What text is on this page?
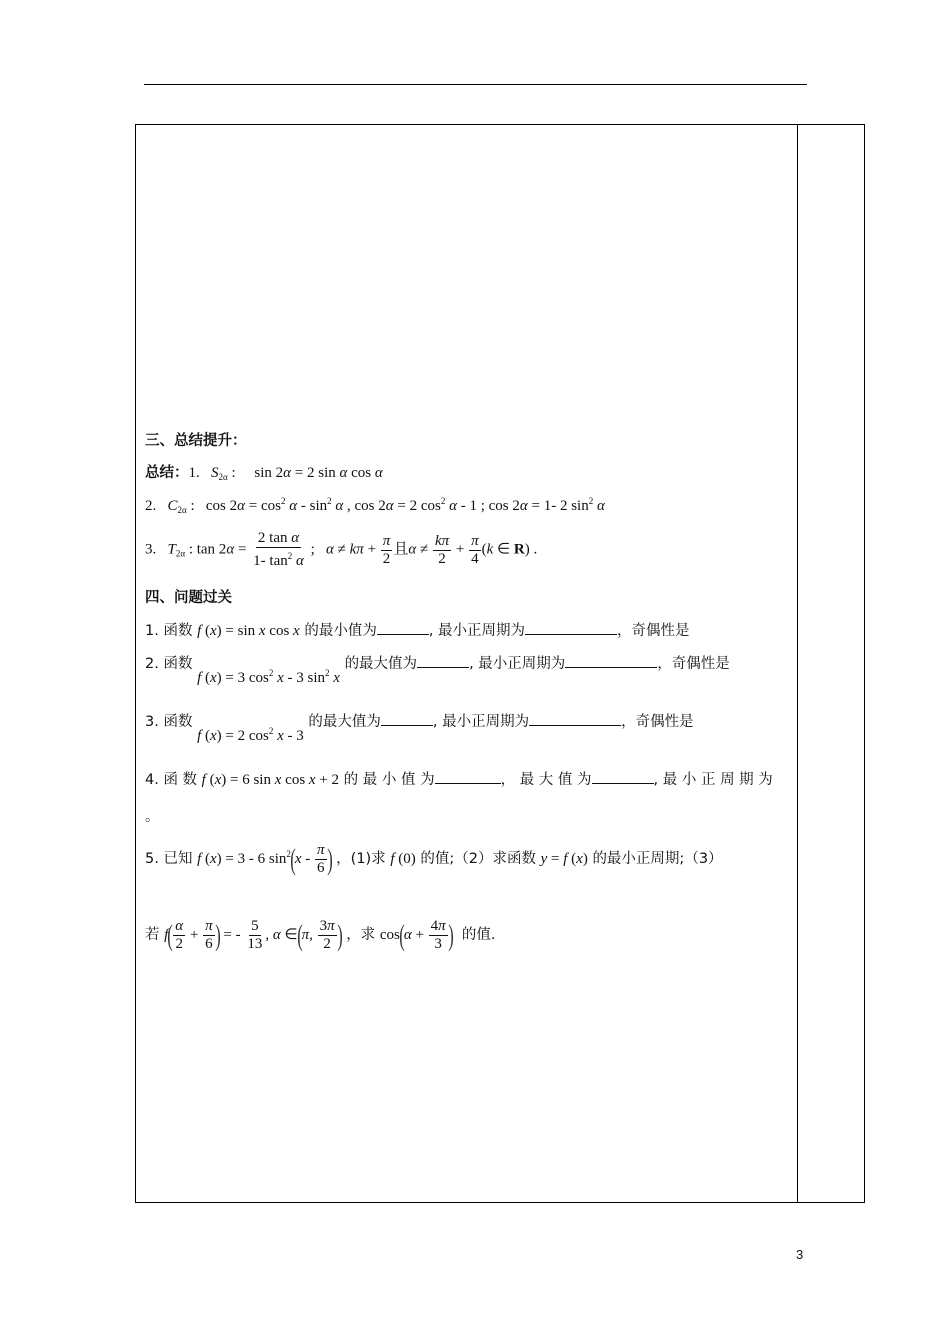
三、总结提升：
总结：1. $S_{2\alpha}$ :     sin 2α = 2 sin α cos α
2. $C_{2\alpha}$ :   $\cos 2\alpha = \cos^2 \alpha - \sin^2 \alpha$ , cos 2α = 2 $\cos^2 \alpha - 1$ ; cos 2α = 1- 2 $\sin^2 \alpha$
3. $T_{2\alpha}$ : $\tan 2\alpha = \frac{\text{2 tan α}}{1- \tan^2 \alpha}$ ;   $\alpha \ne k\pi + \frac{\pi}{2}$ 且$\alpha \ne \frac{k\pi}{2} + \frac{\pi}{4} (k$ ∈ R) .
四、问题过关
1. 函数 f (x) = sin x cos x 的最小值为	, 最小正周期为	，奇偶性是
2. 函数 f (x) = 3 $\cos^2 x - 3$ $\sin^2 x$ 的最大值为	, 最小正周期为	，奇偶性是
3. 函数 f (x) = 2 $\cos^2 x - 3$ 的最大值为	, 最小正周期为	，奇偶性是
4. 函 数 f (x) = 6 sin x cos x + 2 的 最 小 值 为	， 最 大 值 为	, 最 小 正 周 期 为
。
5. 已知 f (x) = 3 - 6 $\sin^2(x - \frac{\pi}{6}$ ) ，(1)求 f (0) 的值;（2）求函数 y = f (x) 的最小正周期;（3）
若 $f( \frac{\alpha}{2} + \frac{\pi}{6}$ ) = - $\frac{5}{13}$ , α ∈(π, $\frac{3\pi}{2}$ ) ，求 $\cos(\alpha + \frac{4\pi}{3}$ ) 的值.
3
